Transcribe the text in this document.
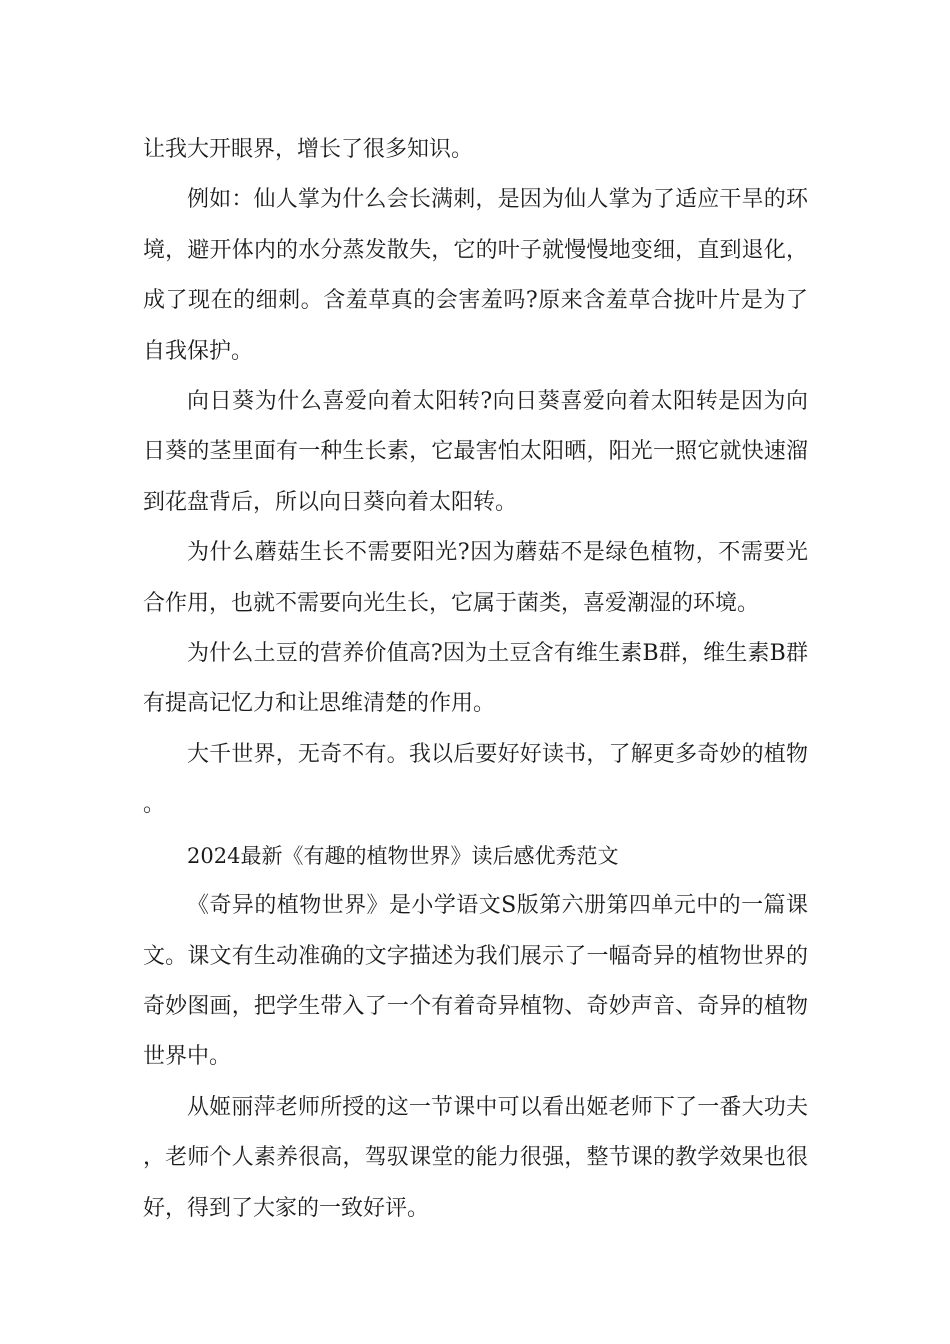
让我大开眼界，增长了很多知识。

例如：仙人掌为什么会长满刺，是因为仙人掌为了适应干旱的环境，避开体内的水分蒸发散失，它的叶子就慢慢地变细，直到退化，成了现在的细刺。含羞草真的会害羞吗?原来含羞草合拢叶片是为了自我保护。

向日葵为什么喜爱向着太阳转?向日葵喜爱向着太阳转是因为向日葵的茎里面有一种生长素，它最害怕太阳晒，阳光一照它就快速溜到花盘背后，所以向日葵向着太阳转。

为什么蘑菇生长不需要阳光?因为蘑菇不是绿色植物，不需要光合作用，也就不需要向光生长，它属于菌类，喜爱潮湿的环境。

为什么土豆的营养价值高?因为土豆含有维生素B群，维生素B群有提高记忆力和让思维清楚的作用。

大千世界，无奇不有。我以后要好好读书，了解更多奇妙的植物。

2024最新《有趣的植物世界》读后感优秀范文

《奇异的植物世界》是小学语文S版第六册第四单元中的一篇课文。课文有生动准确的文字描述为我们展示了一幅奇异的植物世界的奇妙图画，把学生带入了一个有着奇异植物、奇妙声音、奇异的植物世界中。

从姬丽萍老师所授的这一节课中可以看出姬老师下了一番大功夫，老师个人素养很高，驾驭课堂的能力很强，整节课的教学效果也很好，得到了大家的一致好评。
